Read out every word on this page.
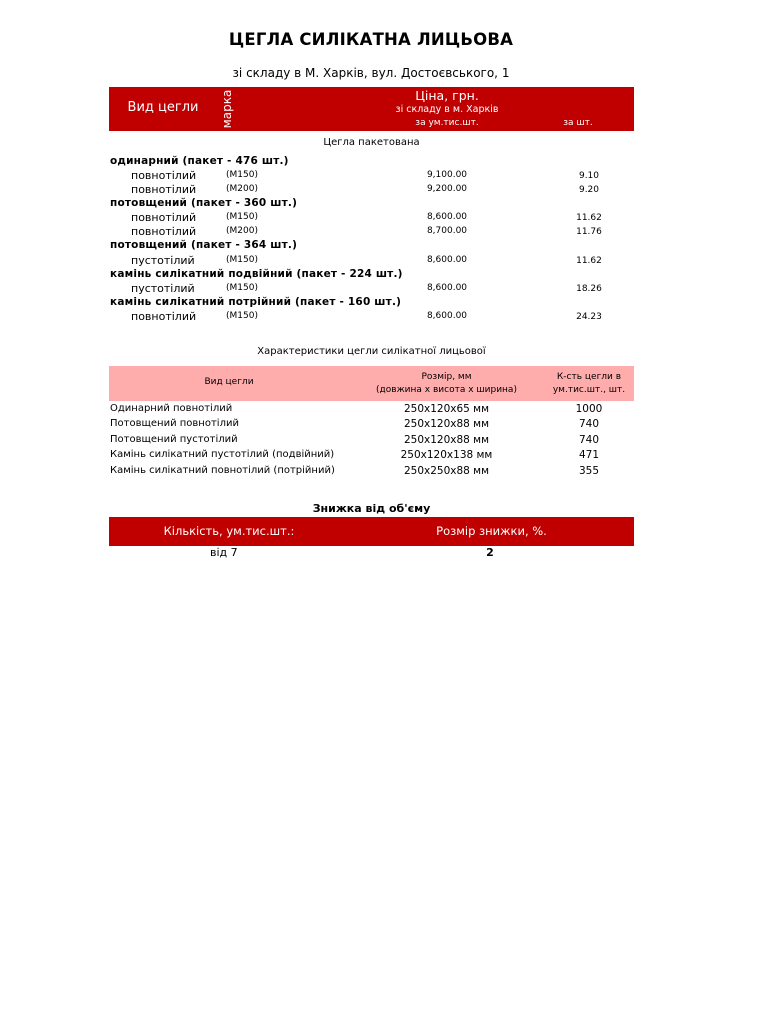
ЦЕГЛА СИЛІКАТНА ЛИЦЬОВА
зі складу в М. Харків, вул. Достоєвського, 1
Вид цегли	марка	Ціна, грн.
зі складу в м. Харків
за ум.тис.шт.	за шт.
Цегла пакетована
одинарний (пакет - 476 шт.)
повнотілий	(М150)	9,100.00	9.10
повнотілий	(М200)	9,200.00	9.20
потовщений (пакет - 360 шт.)
повнотілий	(М150)	8,600.00	11.62
повнотілий	(М200)	8,700.00	11.76
потовщений (пакет - 364 шт.)
пустотілий	(М150)	8,600.00	11.62
камінь силікатний подвійний (пакет - 224 шт.)
пустотілий	(М150)	8,600.00	18.26
камінь силікатний потрійний (пакет - 160 шт.)
повнотілий	(М150)	8,600.00	24.23
Характеристики цегли силікатної лицьової
Вид цегли	Розмір, мм
(довжина х висота х ширина)
К-сть цегли в
ум.тис.шт., шт.
Одинарний повнотілий	250х120х65 мм	1000
Потовщений повнотілий	250х120х88 мм	740
Потовщений пустотілий	250х120х88 мм	740
Камінь силікатний пустотілий (подвійний)	250х120х138 мм	471
Камінь силікатний повнотілий (потрійний)	250х250х88 мм	355
Знижка від об'єму
Кількість, ум.тис.шт.:	Розмір знижки, %.
від 7	2
